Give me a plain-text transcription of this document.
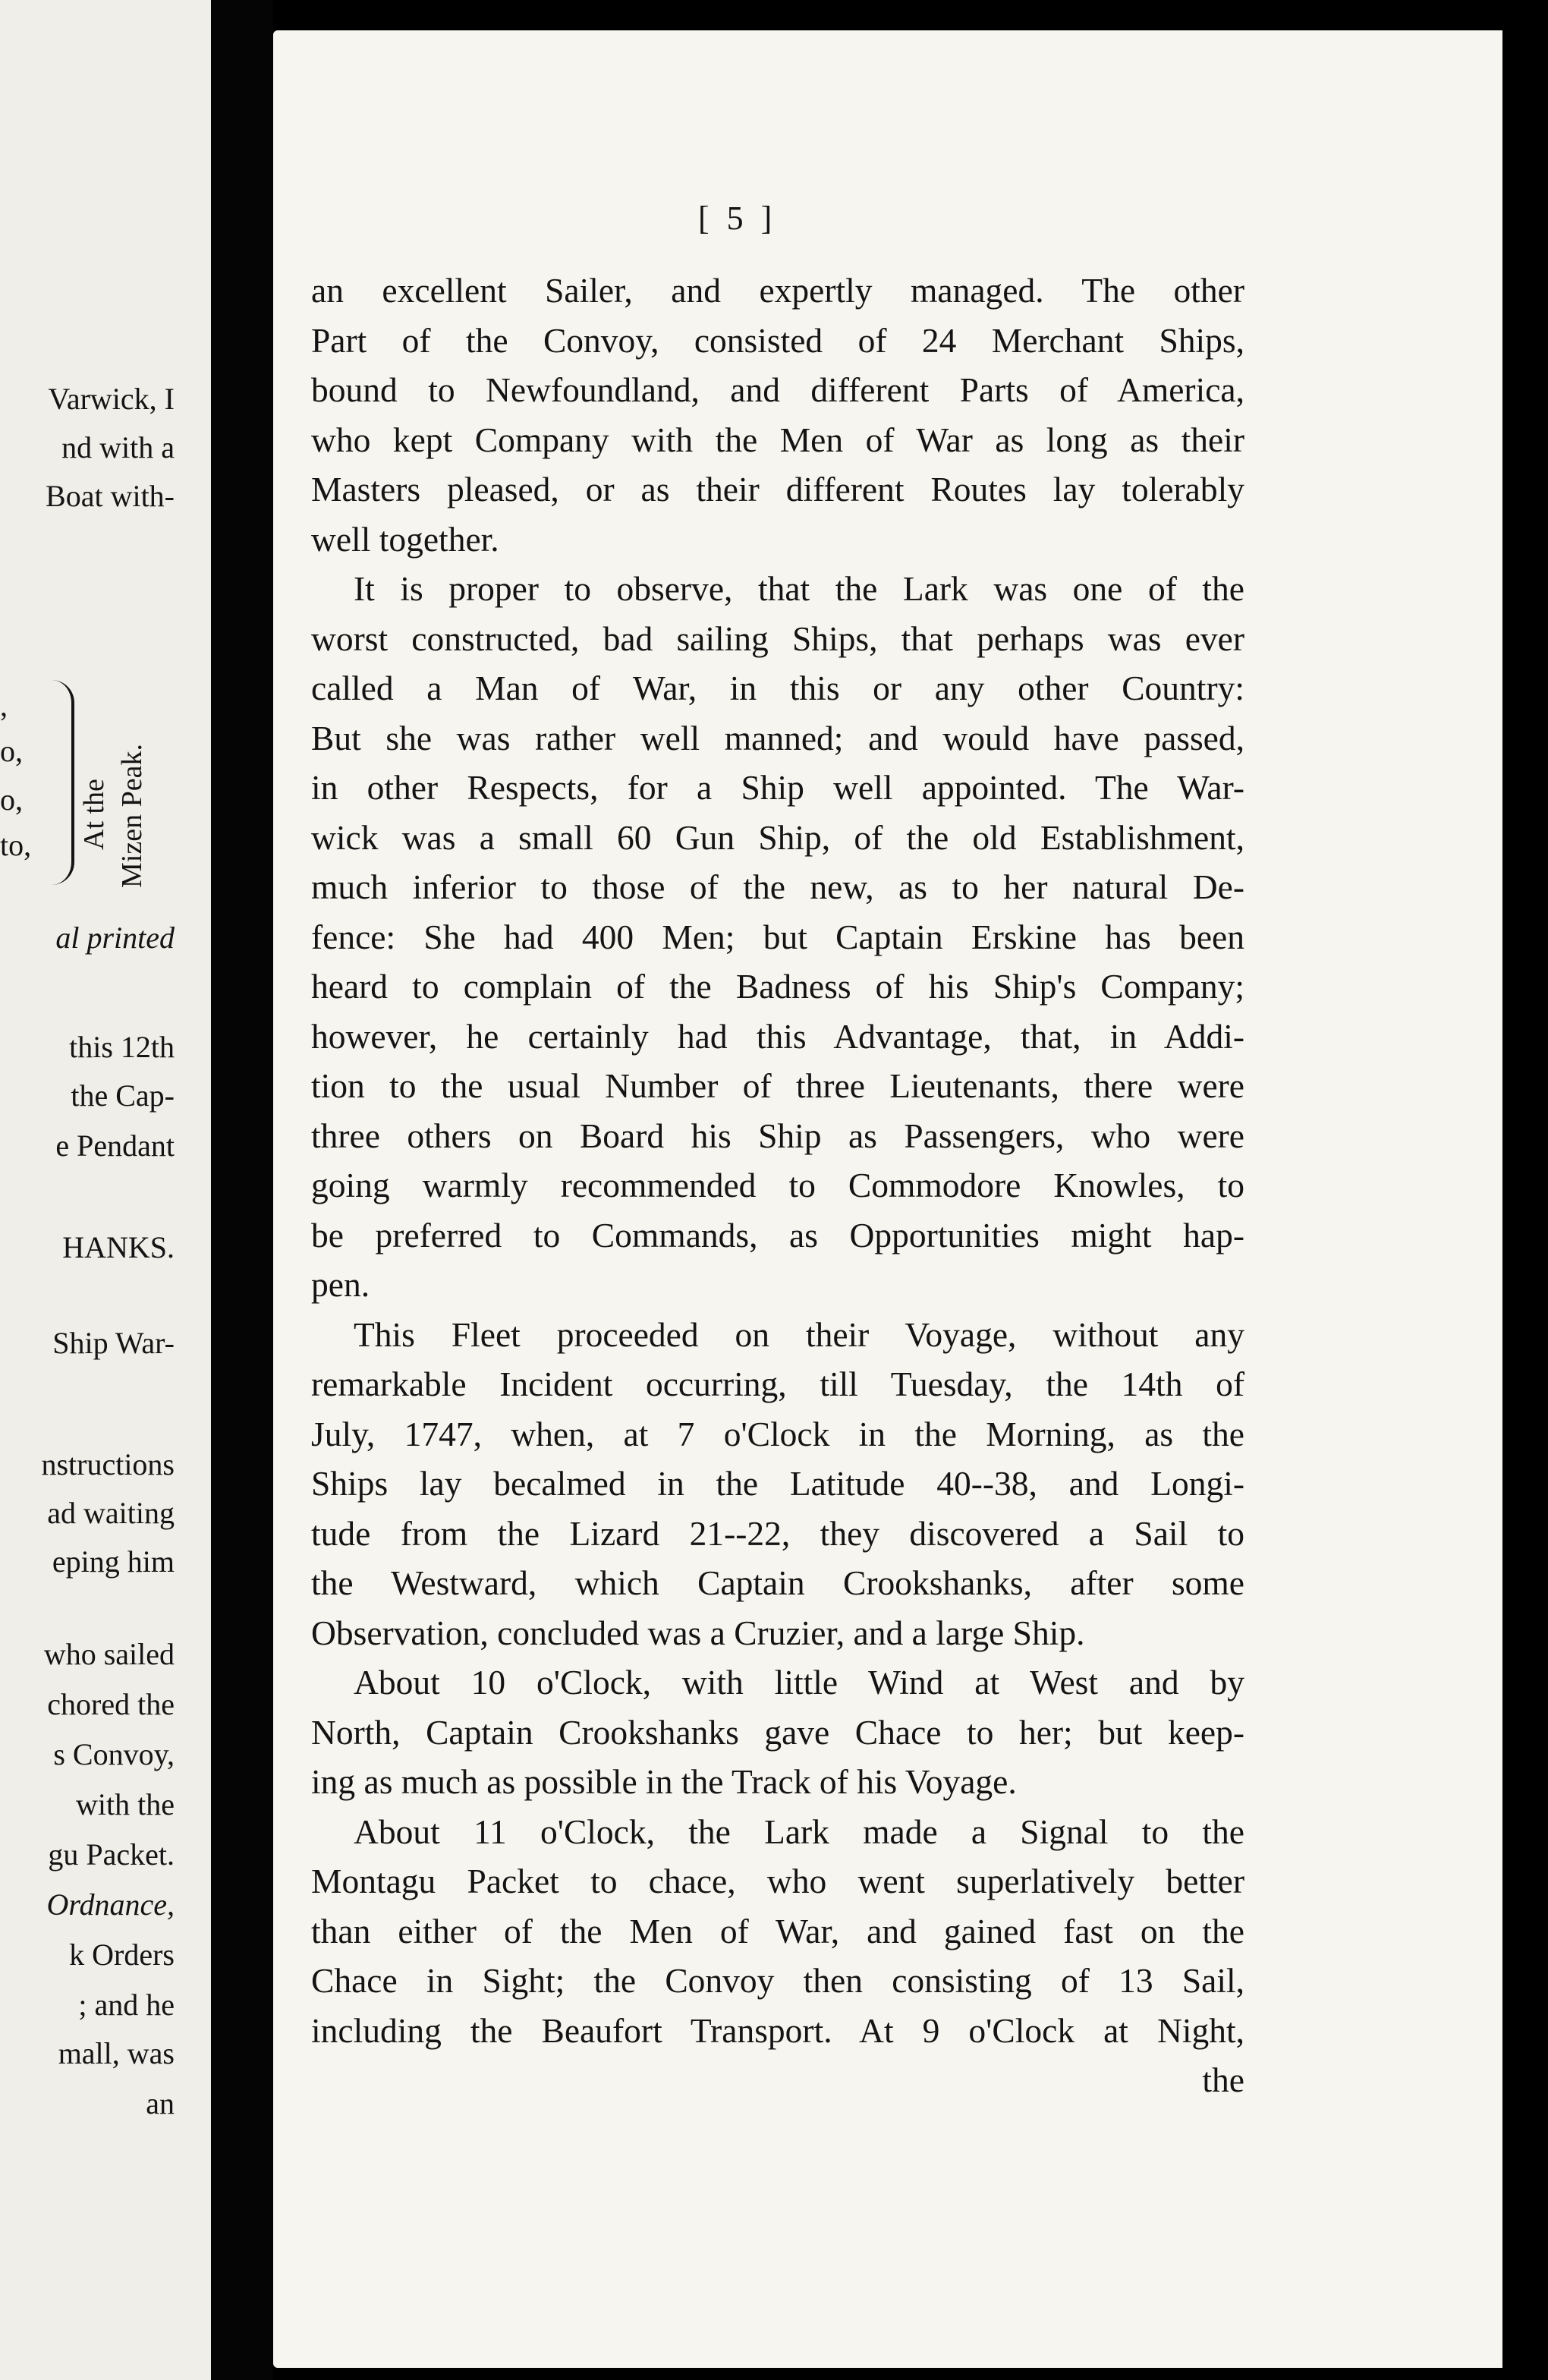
Varwick, I
nd with a
Boat with-
,
o,
o,
to, At the Mizen Peak.
al printed
this 12th
the Cap-
e Pendant
HANKS.
Ship War-
nstructions
ad waiting
eping him
who sailed
chored the
s Convoy,
with the
gu Packet.
Ordnance,
k Orders
; and he
mall, was
an
[ 5 ]
an excellent Sailer, and expertly managed. The other
Part of the Convoy, consisted of 24 Merchant Ships,
bound to Newfoundland, and different Parts of America,
who kept Company with the Men of War as long as their
Masters pleased, or as their different Routes lay tolerably
well together.
It is proper to observe, that the Lark was one of the
worst constructed, bad sailing Ships, that perhaps was ever
called a Man of War, in this or any other Country:
But she was rather well manned; and would have passed,
in other Respects, for a Ship well appointed. The War-
wick was a small 60 Gun Ship, of the old Establishment,
much inferior to those of the new, as to her natural De-
fence: She had 400 Men; but Captain Erskine has been
heard to complain of the Badness of his Ship's Company;
however, he certainly had this Advantage, that, in Addi-
tion to the usual Number of three Lieutenants, there were
three others on Board his Ship as Passengers, who were
going warmly recommended to Commodore Knowles, to
be preferred to Commands, as Opportunities might hap-
pen.
This Fleet proceeded on their Voyage, without any
remarkable Incident occurring, till Tuesday, the 14th of
July, 1747, when, at 7 o'Clock in the Morning, as the
Ships lay becalmed in the Latitude 40--38, and Longi-
tude from the Lizard 21--22, they discovered a Sail to
the Westward, which Captain Crookshanks, after some
Observation, concluded was a Cruzier, and a large Ship.
About 10 o'Clock, with little Wind at West and by
North, Captain Crookshanks gave Chace to her; but keep-
ing as much as possible in the Track of his Voyage.
About 11 o'Clock, the Lark made a Signal to the
Montagu Packet to chace, who went superlatively better
than either of the Men of War, and gained fast on the
Chace in Sight; the Convoy then consisting of 13 Sail,
including the Beaufort Transport. At 9 o'Clock at Night,
the
